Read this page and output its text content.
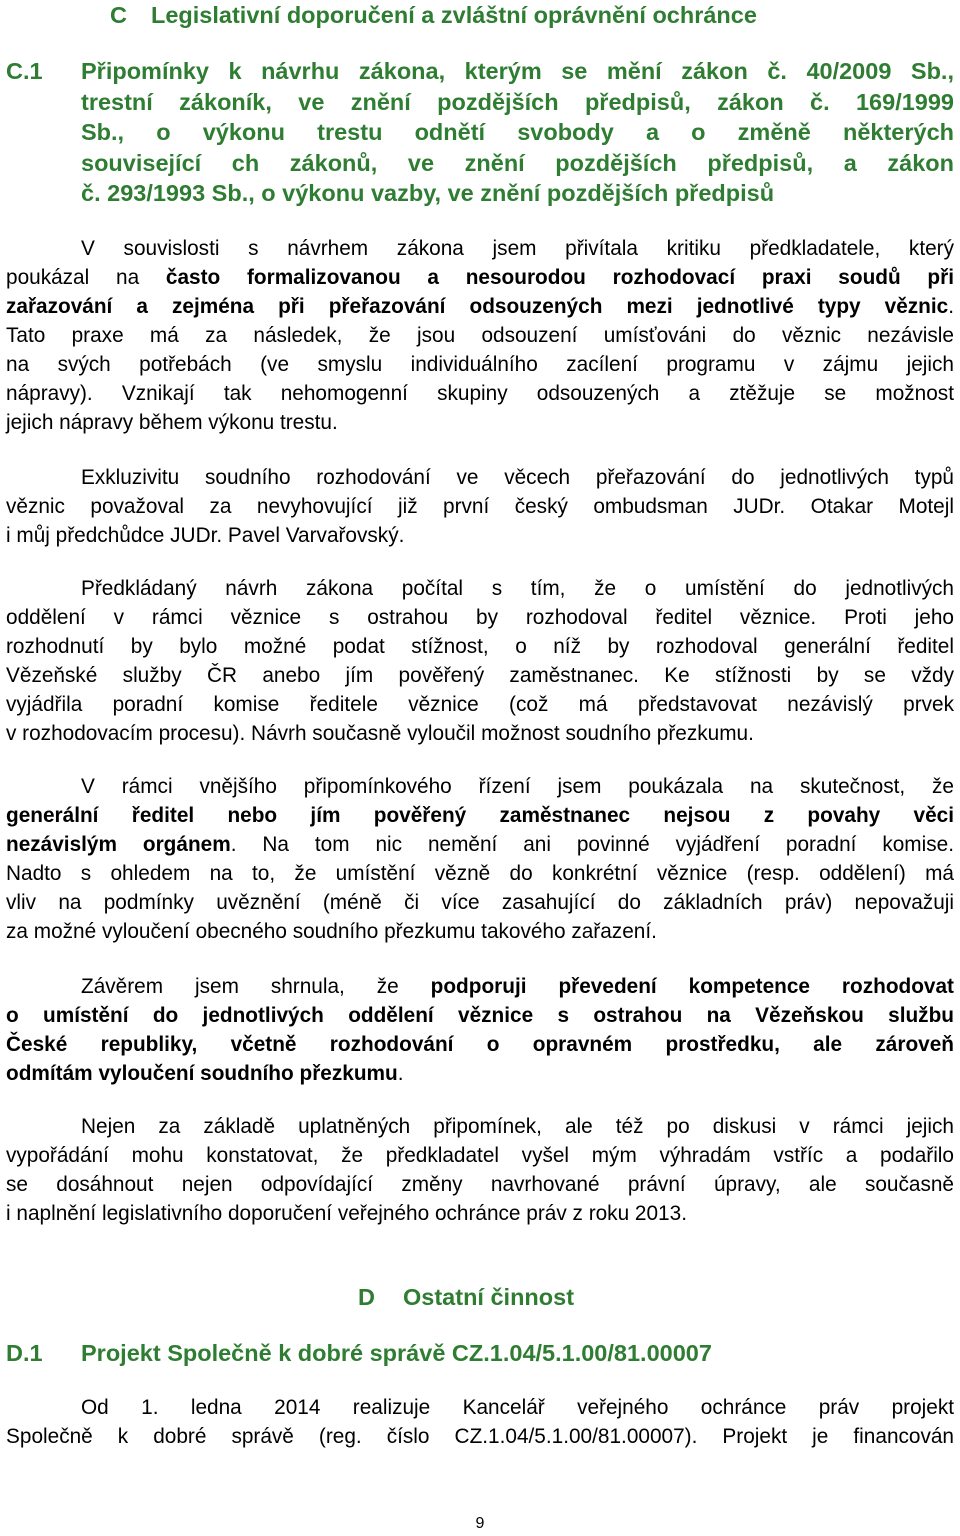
C Legislativní doporučení a zvláštní oprávnění ochránce
C.1 Připomínky k návrhu zákona, kterým se mění zákon č. 40/2009 Sb.,
trestní zákoník, ve znění pozdějších předpisů, zákon č. 169/1999
Sb., o výkonu trestu odnětí svobody a o změně některých
související ch zákonů, ve znění pozdějších předpisů, a zákon
č. 293/1993 Sb., o výkonu vazby, ve znění pozdějších předpisů
V souvislosti s návrhem zákona jsem přivítala kritiku předkladatele, který
poukázal na často formalizovanou a nesourodou rozhodovací praxi soudů při
zařazování a zejména při přeřazování odsouzených mezi jednotlivé typy věznic.
Tato praxe má za následek, že jsou odsouzení umísťováni do věznic nezávisle
na svých potřebách (ve smyslu individuálního zacílení programu v zájmu jejich
nápravy). Vznikají tak nehomogenní skupiny odsouzených a ztěžuje se možnost
jejich nápravy během výkonu trestu.
Exkluzivitu soudního rozhodování ve věcech přeřazování do jednotlivých typů
věznic považoval za nevyhovující již první český ombudsman JUDr. Otakar Motejl
i můj předchůdce JUDr. Pavel Varvařovský.
Předkládaný návrh zákona počítal s tím, že o umístění do jednotlivých
oddělení v rámci věznice s ostrahou by rozhodoval ředitel věznice. Proti jeho
rozhodnutí by bylo možné podat stížnost, o níž by rozhodoval generální ředitel
Vězeňské služby ČR anebo jím pověřený zaměstnanec. Ke stížnosti by se vždy
vyjádřila poradní komise ředitele věznice (což má představovat nezávislý prvek
v rozhodovacím procesu). Návrh současně vyloučil možnost soudního přezkumu.
V rámci vnějšího připomínkového řízení jsem poukázala na skutečnost, že
generální ředitel nebo jím pověřený zaměstnanec nejsou z povahy věci
nezávislým orgánem. Na tom nic nemění ani povinné vyjádření poradní komise.
Nadto s ohledem na to, že umístění vězně do konkrétní věznice (resp. oddělení) má
vliv na podmínky uvěznění (méně či více zasahující do základních práv) nepovažuji
za možné vyloučení obecného soudního přezkumu takového zařazení.
Závěrem jsem shrnula, že podporuji převedení kompetence rozhodovat
o umístění do jednotlivých oddělení věznice s ostrahou na Vězeňskou službu
České republiky, včetně rozhodování o opravném prostředku, ale zároveň
odmítám vyloučení soudního přezkumu.
Nejen za základě uplatněných připomínek, ale též po diskusi v rámci jejich
vypořádání mohu konstatovat, že předkladatel vyšel mým výhradám vstříc a podařilo
se dosáhnout nejen odpovídající změny navrhované právní úpravy, ale současně
i naplnění legislativního doporučení veřejného ochránce práv z roku 2013.
D Ostatní činnost
D.1 Projekt Společně k dobré správě CZ.1.04/5.1.00/81.00007
Od 1. ledna 2014 realizuje Kancelář veřejného ochránce práv projekt
Společně k dobré správě (reg. číslo CZ.1.04/5.1.00/81.00007). Projekt je financován
9
